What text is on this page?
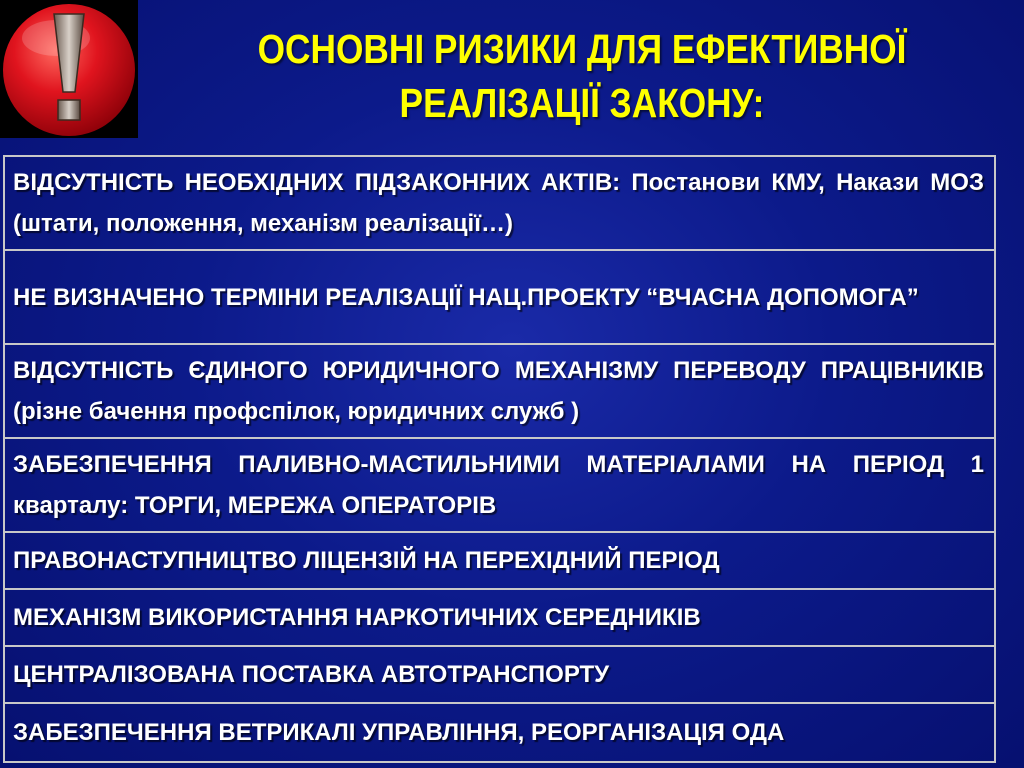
ОСНОВНІ РИЗИКИ ДЛЯ ЕФЕКТИВНОЇ
РЕАЛІЗАЦІЇ ЗАКОНУ:
ВІДСУТНІСТЬ НЕОБХІДНИХ ПІДЗАКОННИХ АКТІВ: Постанови КМУ, Накази МОЗ (штати, положення, механізм реалізації…)
НЕ ВИЗНАЧЕНО ТЕРМІНИ РЕАЛІЗАЦІЇ НАЦ.ПРОЕКТУ “ВЧАСНА ДОПОМОГА”
ВІДСУТНІСТЬ ЄДИНОГО ЮРИДИЧНОГО МЕХАНІЗМУ ПЕРЕВОДУ ПРАЦІВНИКІВ (різне бачення профспілок, юридичних служб )
ЗАБЕЗПЕЧЕННЯ ПАЛИВНО-МАСТИЛЬНИМИ МАТЕРІАЛАМИ НА ПЕРІОД 1 кварталу: ТОРГИ, МЕРЕЖА ОПЕРАТОРІВ
ПРАВОНАСТУПНИЦТВО ЛІЦЕНЗІЙ НА ПЕРЕХІДНИЙ ПЕРІОД
МЕХАНІЗМ ВИКОРИСТАННЯ НАРКОТИЧНИХ СЕРЕДНИКІВ
ЦЕНТРАЛІЗОВАНА ПОСТАВКА АВТОТРАНСПОРТУ
ЗАБЕЗПЕЧЕННЯ ВЕТРИКАЛІ УПРАВЛІННЯ, РЕОРГАНІЗАЦІЯ ОДА
